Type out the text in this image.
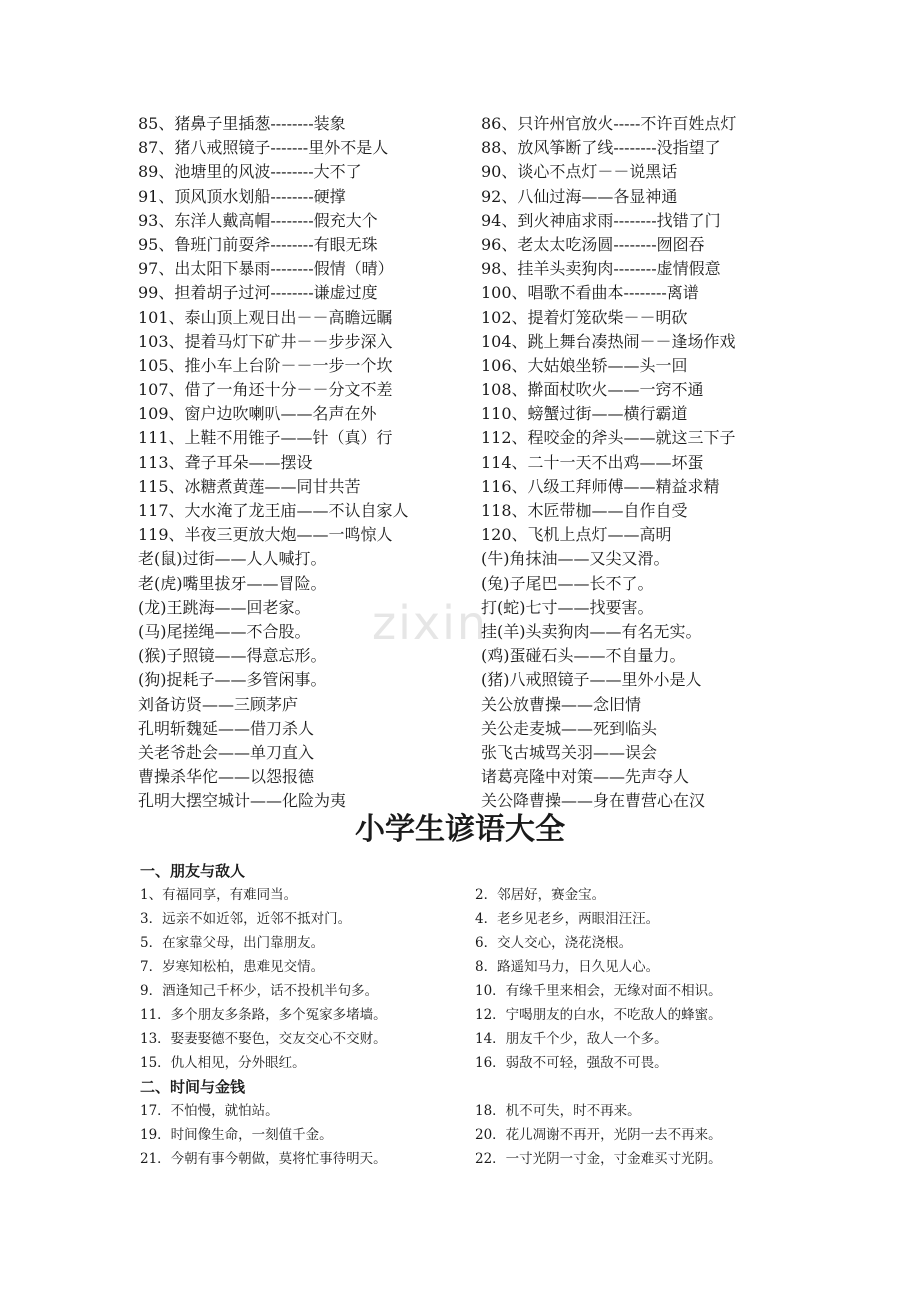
zixin
85、猪鼻子里插葱--------装象	86、只许州官放火-----不许百姓点灯
87、猪八戒照镜子-------里外不是人	88、放风筝断了线--------没指望了
89、池塘里的风波--------大不了	90、谈心不点灯－－说黑话
91、顶风顶水划船--------硬撑	92、八仙过海——各显神通
93、东洋人戴高帽--------假充大个	94、到火神庙求雨--------找错了门
95、鲁班门前耍斧--------有眼无珠	96、老太太吃汤圆--------囫囵吞
97、出太阳下暴雨--------假情（晴）	98、挂羊头卖狗肉--------虚情假意
99、担着胡子过河--------谦虚过度	100、唱歌不看曲本--------离谱
101、泰山顶上观日出－－高瞻远瞩	102、提着灯笼砍柴－－明砍
103、提着马灯下矿井－－步步深入	104、跳上舞台凑热闹－－逢场作戏
105、推小车上台阶－－一步一个坎	106、大姑娘坐轿——头一回
107、借了一角还十分－－分文不差	108、擀面杖吹火——一窍不通
109、窗户边吹喇叭——名声在外	110、螃蟹过街——横行霸道
111、上鞋不用锥子——针（真）行	112、程咬金的斧头——就这三下子
113、聋子耳朵——摆设	114、二十一天不出鸡——坏蛋
115、冰糖煮黄莲——同甘共苦	116、八级工拜师傅——精益求精
117、大水淹了龙王庙——不认自家人	118、木匠带枷——自作自受
119、半夜三更放大炮——一鸣惊人	120、飞机上点灯——高明
老(鼠)过街——人人喊打。	(牛)角抹油——又尖又滑。
老(虎)嘴里拔牙——冒险。	(兔)子尾巴——长不了。
(龙)王跳海——回老家。	打(蛇)七寸——找要害。
(马)尾搓绳——不合股。	挂(羊)头卖狗肉——有名无实。
(猴)子照镜——得意忘形。	(鸡)蛋碰石头——不自量力。
(狗)捉耗子——多管闲事。	(猪)八戒照镜子——里外小是人
刘备访贤——三顾茅庐	关公放曹操——念旧情
孔明斩魏延——借刀杀人	关公走麦城——死到临头
关老爷赴会——单刀直入	张飞古城骂关羽——误会
曹操杀华佗——以怨报德	诸葛亮隆中对策——先声夺人
孔明大摆空城计——化险为夷	关公降曹操——身在曹营心在汉
小学生谚语大全
一、朋友与敌人
1、有福同享，有难同当。	2．邻居好，赛金宝。
3．远亲不如近邻，近邻不抵对门。	4．老乡见老乡，两眼泪汪汪。
5．在家靠父母，出门靠朋友。	6．交人交心，浇花浇根。
7．岁寒知松柏，患难见交情。	8．路遥知马力，日久见人心。
9．酒逢知己千杯少，话不投机半句多。	10．有缘千里来相会，无缘对面不相识。
11．多个朋友多条路，多个冤家多堵墙。	12．宁喝朋友的白水，不吃敌人的蜂蜜。
13．娶妻娶德不娶色，交友交心不交财。	14．朋友千个少，敌人一个多。
15．仇人相见，分外眼红。	16．弱敌不可轻，强敌不可畏。
二、时间与金钱
17．不怕慢，就怕站。	18．机不可失，时不再来。
19．时间像生命，一刻值千金。	20．花儿凋谢不再开，光阴一去不再来。
21．今朝有事今朝做，莫将忙事待明天。	22．一寸光阴一寸金，寸金难买寸光阴。
